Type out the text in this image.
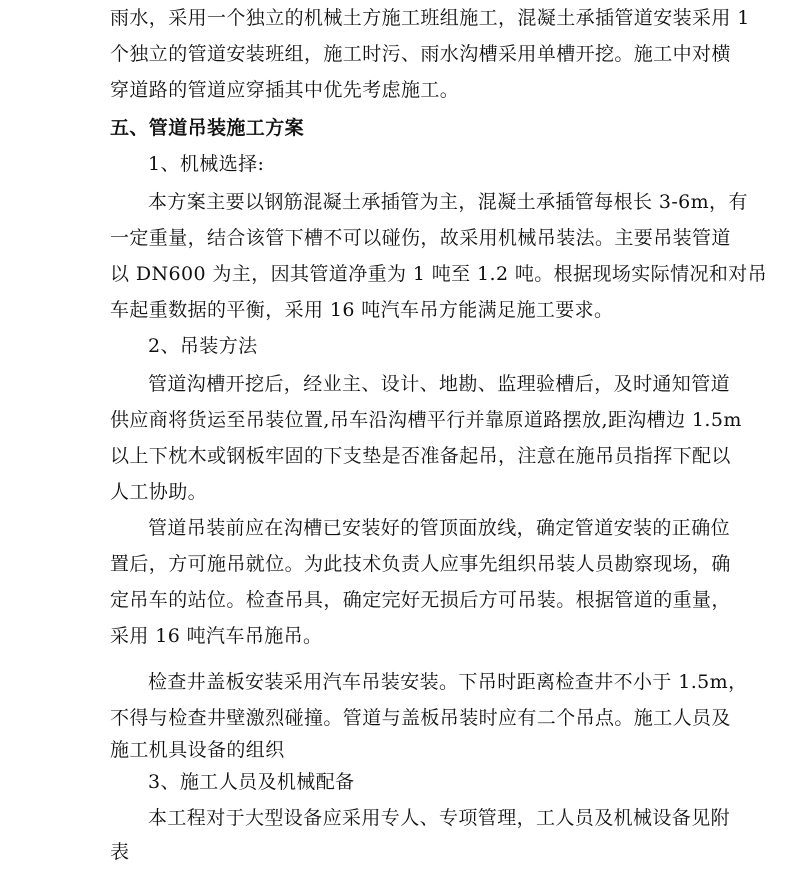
雨水，采用一个独立的机械土方施工班组施工，混凝土承插管道安装采用 1
个独立的管道安装班组，施工时污、雨水沟槽采用单槽开挖。施工中对横
穿道路的管道应穿插其中优先考虑施工。
五、管道吊装施工方案
1、机械选择:
本方案主要以钢筋混凝土承插管为主，混凝土承插管每根长 3-6m，有
一定重量，结合该管下槽不可以碰伤，故采用机械吊装法。主要吊装管道
以 DN600 为主，因其管道净重为 1 吨至 1.2 吨。根据现场实际情况和对吊
车起重数据的平衡，采用 16 吨汽车吊方能满足施工要求。
2、吊装方法
管道沟槽开挖后，经业主、设计、地勘、监理验槽后，及时通知管道
供应商将货运至吊装位置,吊车沿沟槽平行并靠原道路摆放,距沟槽边 1.5m
以上下枕木或钢板牢固的下支垫是否准备起吊，注意在施吊员指挥下配以
人工协助。
管道吊装前应在沟槽已安装好的管顶面放线，确定管道安装的正确位
置后，方可施吊就位。为此技术负责人应事先组织吊装人员勘察现场，确
定吊车的站位。检查吊具，确定完好无损后方可吊装。根据管道的重量，
采用 16 吨汽车吊施吊。
检查井盖板安装采用汽车吊装安装。下吊时距离检查井不小于 1.5m，
不得与检查井壁激烈碰撞。管道与盖板吊装时应有二个吊点。施工人员及
施工机具设备的组织
3、施工人员及机械配备
本工程对于大型设备应采用专人、专项管理，工人员及机械设备见附
表
